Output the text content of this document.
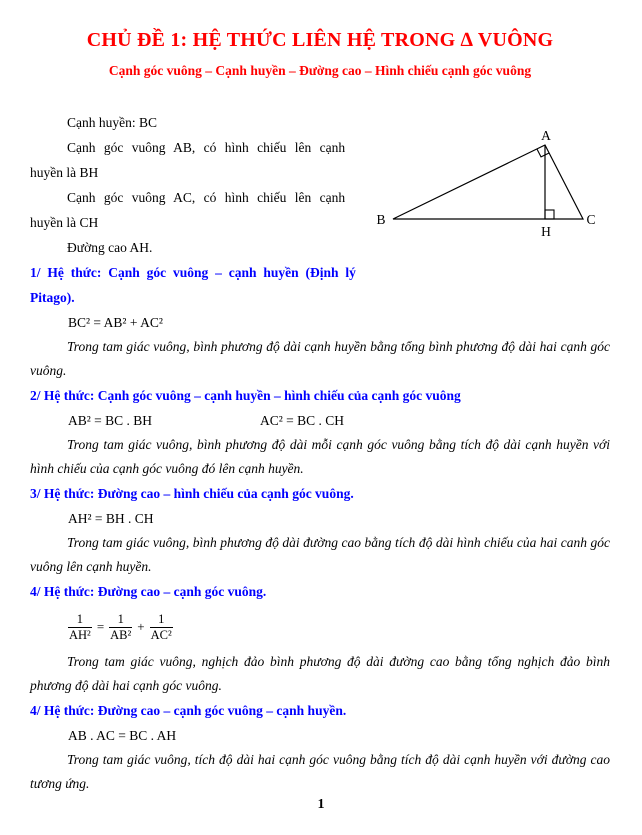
CHỦ ĐỀ 1: HỆ THỨC LIÊN HỆ TRONG ∆ VUÔNG
Cạnh góc vuông – Cạnh huyền – Đường cao – Hình chiếu cạnh góc vuông
A
B	C
H
Cạnh huyền: BC
Cạnh góc vuông AB, có hình chiếu lên cạnh
huyền là BH
Cạnh góc vuông AC, có hình chiếu lên cạnh
huyền là CH
Đường cao AH.
1/ Hệ thức: Cạnh góc vuông – cạnh huyền (Định lý
Pitago).
BC² = AB² + AC²
Trong tam giác vuông, bình phương độ dài cạnh huyền bằng tổng bình phương độ dài hai cạnh góc vuông.
2/ Hệ thức: Cạnh góc vuông – cạnh huyền – hình chiếu của cạnh góc vuông
AB² = BC . BH	AC² = BC . CH
Trong tam giác vuông, bình phương độ dài mỗi cạnh góc vuông bằng tích độ dài cạnh huyền với hình chiếu của cạnh góc vuông đó lên cạnh huyền.
3/ Hệ thức: Đường cao – hình chiếu của cạnh góc vuông.
AH² = BH . CH
Trong tam giác vuông, bình phương độ dài đường cao bằng tích độ dài hình chiếu của hai canh góc vuông lên cạnh huyền.
4/ Hệ thức: Đường cao – cạnh góc vuông.
$\frac{1}{\text{AH²}} = \frac{1}{\text{AB²}} + \frac{1}{\text{AC²}}$
Trong tam giác vuông, nghịch đảo bình phương độ dài đường cao bằng tổng nghịch đảo bình phương độ dài hai cạnh góc vuông.
4/ Hệ thức: Đường cao – cạnh góc vuông – cạnh huyền.
AB . AC = BC . AH
Trong tam giác vuông, tích độ dài hai cạnh góc vuông bằng tích độ dài cạnh huyền với đường cao tương ứng.
1
